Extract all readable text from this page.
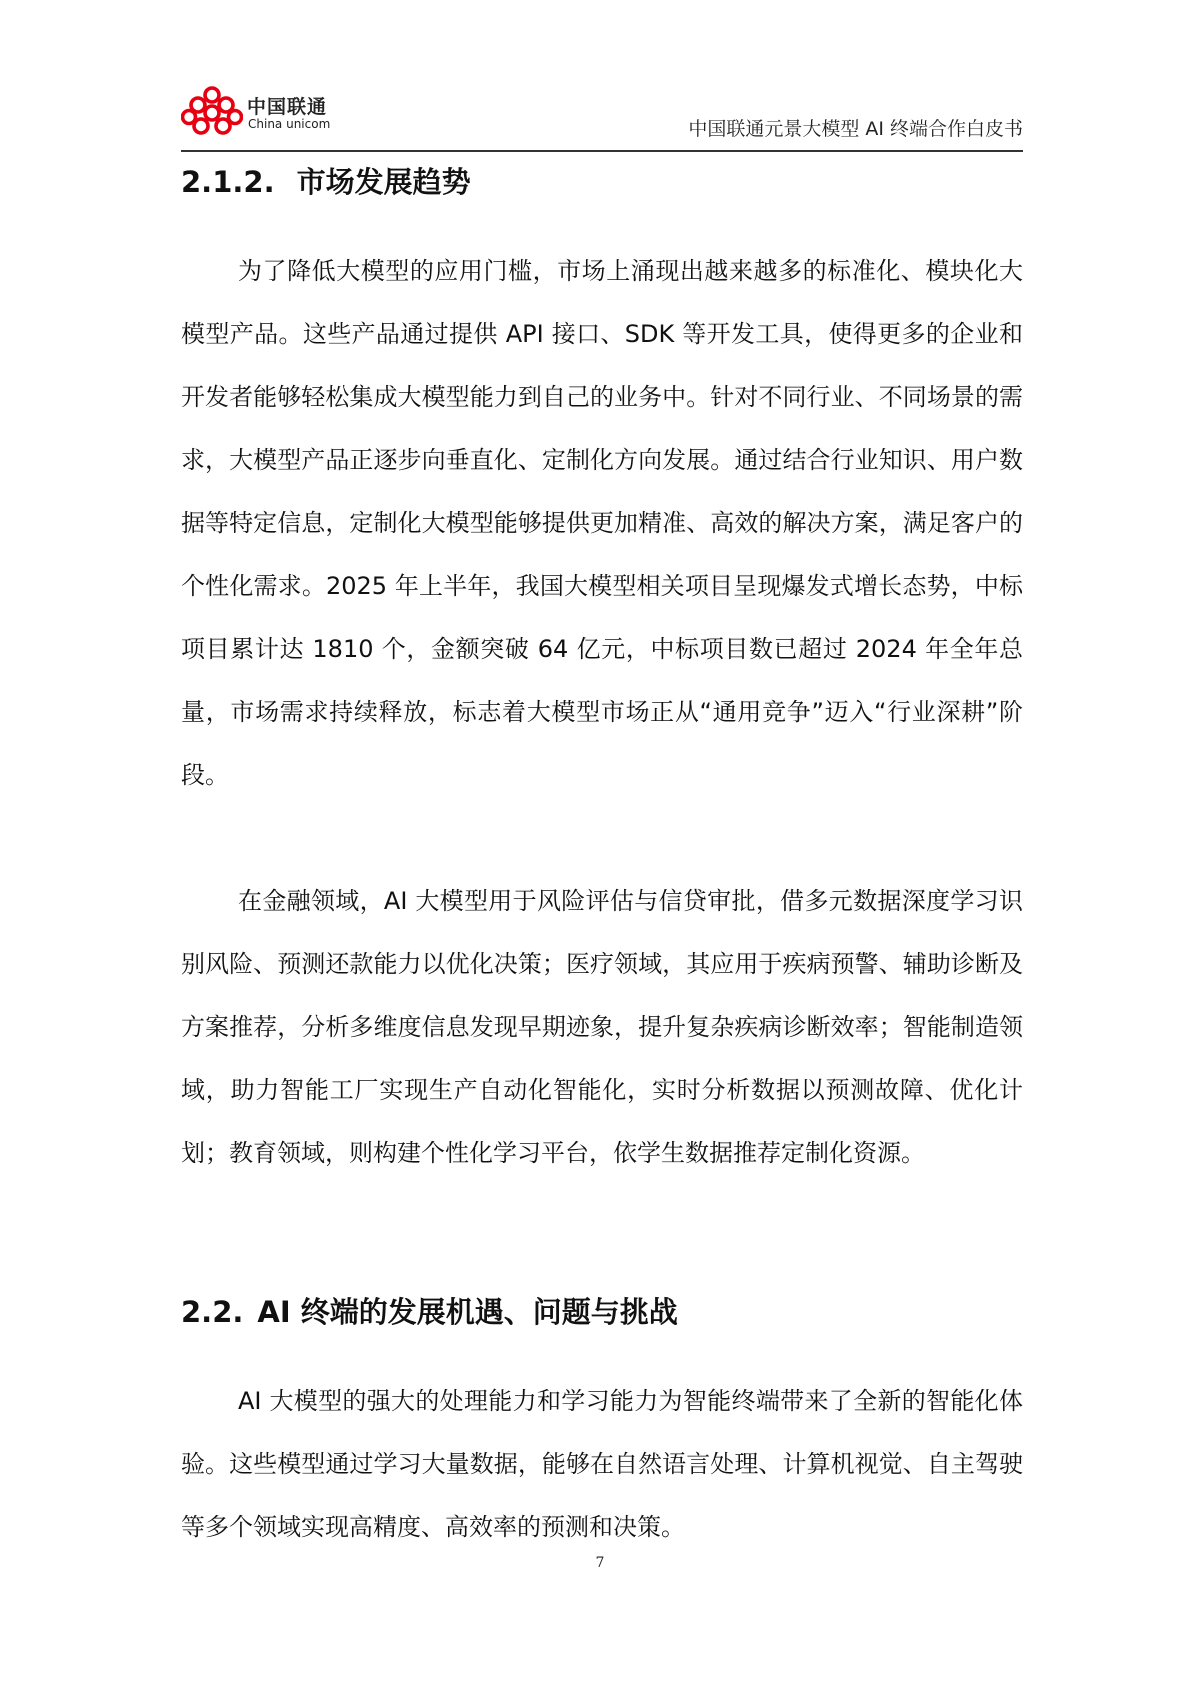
中国联通
China unicom	中国联通元景大模型 AI 终端合作白皮书
2.1.2. 市场发展趋势

为了降低大模型的应用门槛，市场上涌现出越来越多的标准化、模块化大模型产品。这些产品通过提供 API 接口、SDK 等开发工具，使得更多的企业和开发者能够轻松集成大模型能力到自己的业务中。针对不同行业、不同场景的需求，大模型产品正逐步向垂直化、定制化方向发展。通过结合行业知识、用户数据等特定信息，定制化大模型能够提供更加精准、高效的解决方案，满足客户的个性化需求。2025 年上半年，我国大模型相关项目呈现爆发式增长态势，中标项目累计达 1810 个，金额突破 64 亿元，中标项目数已超过 2024 年全年总量，市场需求持续释放，标志着大模型市场正从“通用竞争”迈入“行业深耕”阶段。

在金融领域，AI 大模型用于风险评估与信贷审批，借多元数据深度学习识别风险、预测还款能力以优化决策；医疗领域，其应用于疾病预警、辅助诊断及方案推荐，分析多维度信息发现早期迹象，提升复杂疾病诊断效率；智能制造领域，助力智能工厂实现生产自动化智能化，实时分析数据以预测故障、优化计划；教育领域，则构建个性化学习平台，依学生数据推荐定制化资源。

2.2. AI 终端的发展机遇、问题与挑战

AI 大模型的强大的处理能力和学习能力为智能终端带来了全新的智能化体验。这些模型通过学习大量数据，能够在自然语言处理、计算机视觉、自主驾驶等多个领域实现高精度、高效率的预测和决策。

7
